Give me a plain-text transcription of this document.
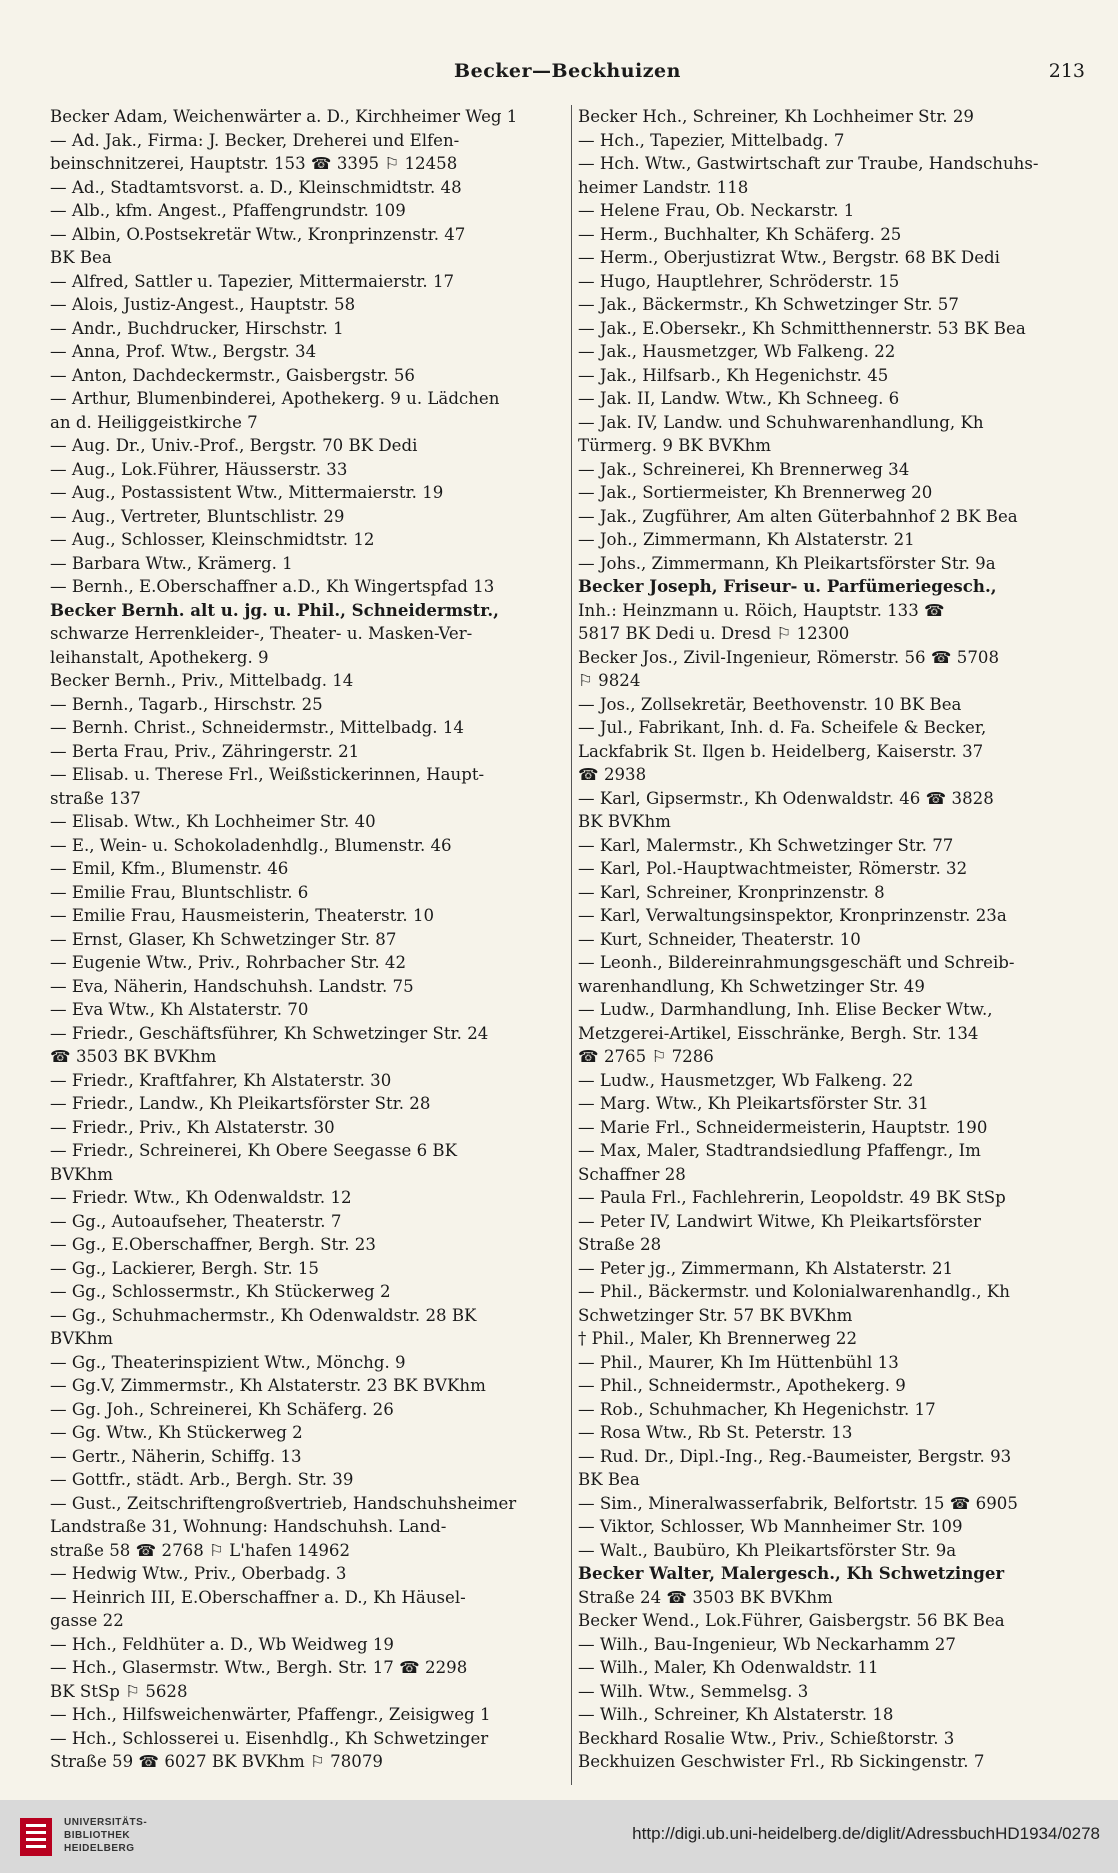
Becker—Beckhuizen	213
Becker Adam, Weichenwärter a. D., Kirchheimer Weg 1
— Ad. Jak., Firma: J. Becker, Dreherei und Elfen-
beinschnitzerei, Hauptstr. 153 ☎ 3395 ⚐ 12458
— Ad., Stadtamtsvorst. a. D., Kleinschmidtstr. 48
— Alb., kfm. Angest., Pfaffengrundstr. 109
— Albin, O.Postsekretär Wtw., Kronprinzenstr. 47
BK Bea
— Alfred, Sattler u. Tapezier, Mittermaierstr. 17
— Alois, Justiz-Angest., Hauptstr. 58
— Andr., Buchdrucker, Hirschstr. 1
— Anna, Prof. Wtw., Bergstr. 34
— Anton, Dachdeckermstr., Gaisbergstr. 56
— Arthur, Blumenbinderei, Apothekerg. 9 u. Lädchen
an d. Heiliggeistkirche 7
— Aug. Dr., Univ.-Prof., Bergstr. 70 BK Dedi
— Aug., Lok.Führer, Häusserstr. 33
— Aug., Postassistent Wtw., Mittermaierstr. 19
— Aug., Vertreter, Bluntschlistr. 29
— Aug., Schlosser, Kleinschmidtstr. 12
— Barbara Wtw., Krämerg. 1
— Bernh., E.Oberschaffner a.D., Kh Wingertspfad 13
Becker Bernh. alt u. jg. u. Phil., Schneidermstr.,
schwarze Herrenkleider-, Theater- u. Masken-Ver-
leihanstalt, Apothekerg. 9
Becker Bernh., Priv., Mittelbadg. 14
— Bernh., Tagarb., Hirschstr. 25
— Bernh. Christ., Schneidermstr., Mittelbadg. 14
— Berta Frau, Priv., Zähringerstr. 21
— Elisab. u. Therese Frl., Weißstickerinnen, Haupt-
straße 137
— Elisab. Wtw., Kh Lochheimer Str. 40
— E., Wein- u. Schokoladenhdlg., Blumenstr. 46
— Emil, Kfm., Blumenstr. 46
— Emilie Frau, Bluntschlistr. 6
— Emilie Frau, Hausmeisterin, Theaterstr. 10
— Ernst, Glaser, Kh Schwetzinger Str. 87
— Eugenie Wtw., Priv., Rohrbacher Str. 42
— Eva, Näherin, Handschuhsh. Landstr. 75
— Eva Wtw., Kh Alstaterstr. 70
— Friedr., Geschäftsführer, Kh Schwetzinger Str. 24
☎ 3503 BK BVKhm
— Friedr., Kraftfahrer, Kh Alstaterstr. 30
— Friedr., Landw., Kh Pleikartsförster Str. 28
— Friedr., Priv., Kh Alstaterstr. 30
— Friedr., Schreinerei, Kh Obere Seegasse 6 BK
BVKhm
— Friedr. Wtw., Kh Odenwaldstr. 12
— Gg., Autoaufseher, Theaterstr. 7
— Gg., E.Oberschaffner, Bergh. Str. 23
— Gg., Lackierer, Bergh. Str. 15
— Gg., Schlossermstr., Kh Stückerweg 2
— Gg., Schuhmachermstr., Kh Odenwaldstr. 28 BK
BVKhm
— Gg., Theaterinspizient Wtw., Mönchg. 9
— Gg.V, Zimmermstr., Kh Alstaterstr. 23 BK BVKhm
— Gg. Joh., Schreinerei, Kh Schäferg. 26
— Gg. Wtw., Kh Stückerweg 2
— Gertr., Näherin, Schiffg. 13
— Gottfr., städt. Arb., Bergh. Str. 39
— Gust., Zeitschriftengroßvertrieb, Handschuhsheimer
Landstraße 31, Wohnung: Handschuhsh. Land-
straße 58 ☎ 2768 ⚐ L'hafen 14962
— Hedwig Wtw., Priv., Oberbadg. 3
— Heinrich III, E.Oberschaffner a. D., Kh Häusel-
gasse 22
— Hch., Feldhüter a. D., Wb Weidweg 19
— Hch., Glasermstr. Wtw., Bergh. Str. 17 ☎ 2298
BK StSp ⚐ 5628
— Hch., Hilfsweichenwärter, Pfaffengr., Zeisigweg 1
— Hch., Schlosserei u. Eisenhdlg., Kh Schwetzinger
Straße 59 ☎ 6027 BK BVKhm ⚐ 78079
Becker Hch., Schreiner, Kh Lochheimer Str. 29
— Hch., Tapezier, Mittelbadg. 7
— Hch. Wtw., Gastwirtschaft zur Traube, Handschuhs-
heimer Landstr. 118
— Helene Frau, Ob. Neckarstr. 1
— Herm., Buchhalter, Kh Schäferg. 25
— Herm., Oberjustizrat Wtw., Bergstr. 68 BK Dedi
— Hugo, Hauptlehrer, Schröderstr. 15
— Jak., Bäckermstr., Kh Schwetzinger Str. 57
— Jak., E.Obersekr., Kh Schmitthennerstr. 53 BK Bea
— Jak., Hausmetzger, Wb Falkeng. 22
— Jak., Hilfsarb., Kh Hegenichstr. 45
— Jak. II, Landw. Wtw., Kh Schneeg. 6
— Jak. IV, Landw. und Schuhwarenhandlung, Kh
Türmerg. 9 BK BVKhm
— Jak., Schreinerei, Kh Brennerweg 34
— Jak., Sortiermeister, Kh Brennerweg 20
— Jak., Zugführer, Am alten Güterbahnhof 2 BK Bea
— Joh., Zimmermann, Kh Alstaterstr. 21
— Johs., Zimmermann, Kh Pleikartsförster Str. 9a
Becker Joseph, Friseur- u. Parfümeriegesch.,
Inh.: Heinzmann u. Röich, Hauptstr. 133 ☎
5817 BK Dedi u. Dresd ⚐ 12300
Becker Jos., Zivil-Ingenieur, Römerstr. 56 ☎ 5708
⚐ 9824
— Jos., Zollsekretär, Beethovenstr. 10 BK Bea
— Jul., Fabrikant, Inh. d. Fa. Scheifele & Becker,
Lackfabrik St. Ilgen b. Heidelberg, Kaiserstr. 37
☎ 2938
— Karl, Gipsermstr., Kh Odenwaldstr. 46 ☎ 3828
BK BVKhm
— Karl, Malermstr., Kh Schwetzinger Str. 77
— Karl, Pol.-Hauptwachtmeister, Römerstr. 32
— Karl, Schreiner, Kronprinzenstr. 8
— Karl, Verwaltungsinspektor, Kronprinzenstr. 23a
— Kurt, Schneider, Theaterstr. 10
— Leonh., Bildereinrahmungsgeschäft und Schreib-
warenhandlung, Kh Schwetzinger Str. 49
— Ludw., Darmhandlung, Inh. Elise Becker Wtw.,
Metzgerei-Artikel, Eisschränke, Bergh. Str. 134
☎ 2765 ⚐ 7286
— Ludw., Hausmetzger, Wb Falkeng. 22
— Marg. Wtw., Kh Pleikartsförster Str. 31
— Marie Frl., Schneidermeisterin, Hauptstr. 190
— Max, Maler, Stadtrandsiedlung Pfaffengr., Im
Schaffner 28
— Paula Frl., Fachlehrerin, Leopoldstr. 49 BK StSp
— Peter IV, Landwirt Witwe, Kh Pleikartsförster
Straße 28
— Peter jg., Zimmermann, Kh Alstaterstr. 21
— Phil., Bäckermstr. und Kolonialwarenhandlg., Kh
Schwetzinger Str. 57 BK BVKhm
† Phil., Maler, Kh Brennerweg 22
— Phil., Maurer, Kh Im Hüttenbühl 13
— Phil., Schneidermstr., Apothekerg. 9
— Rob., Schuhmacher, Kh Hegenichstr. 17
— Rosa Wtw., Rb St. Peterstr. 13
— Rud. Dr., Dipl.-Ing., Reg.-Baumeister, Bergstr. 93
BK Bea
— Sim., Mineralwasserfabrik, Belfortstr. 15 ☎ 6905
— Viktor, Schlosser, Wb Mannheimer Str. 109
— Walt., Baubüro, Kh Pleikartsförster Str. 9a
Becker Walter, Malergesch., Kh Schwetzinger
Straße 24 ☎ 3503 BK BVKhm
Becker Wend., Lok.Führer, Gaisbergstr. 56 BK Bea
— Wilh., Bau-Ingenieur, Wb Neckarhamm 27
— Wilh., Maler, Kh Odenwaldstr. 11
— Wilh. Wtw., Semmelsg. 3
— Wilh., Schreiner, Kh Alstaterstr. 18
Beckhard Rosalie Wtw., Priv., Schießtorstr. 3
Beckhuizen Geschwister Frl., Rb Sickingenstr. 7
UNIVERSITÄTS-
BIBLIOTHEK
HEIDELBERG
http://digi.ub.uni-heidelberg.de/diglit/AdressbuchHD1934/0278
